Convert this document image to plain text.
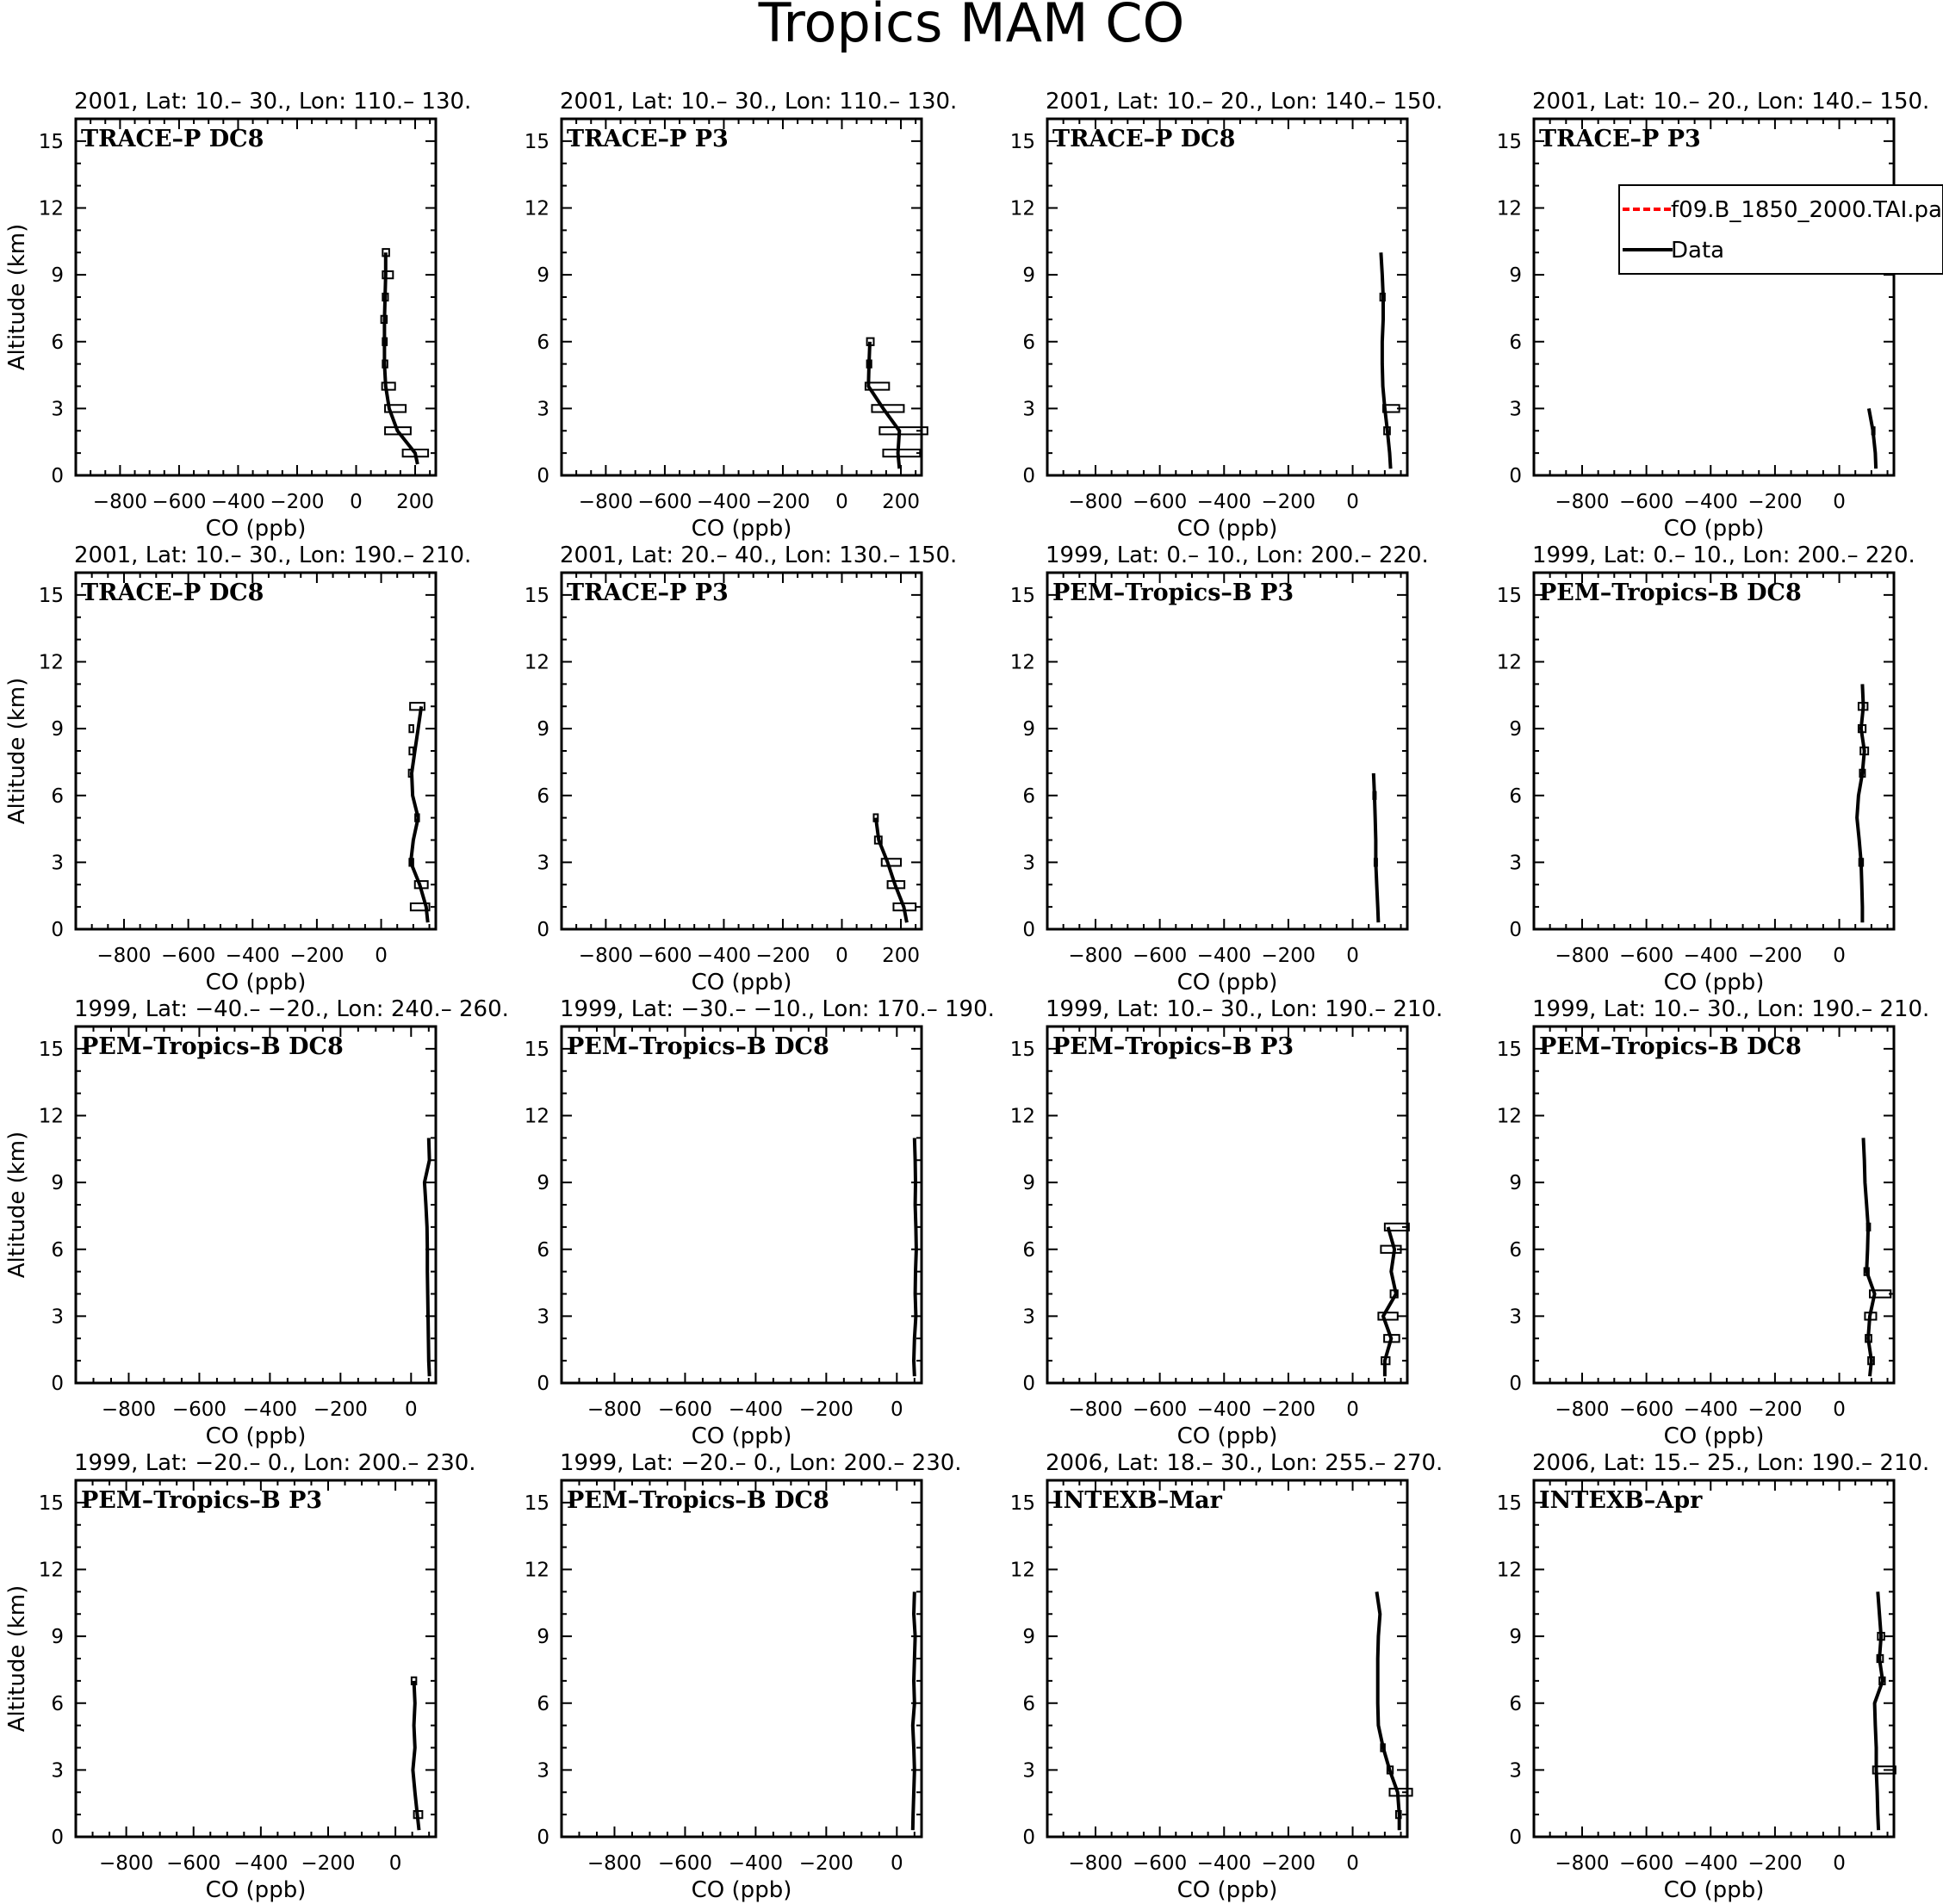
Tropics MAM CO
2001, Lat: 10.– 30., Lon: 110.– 130.
−800 −600 −400 −200 0 200
0
3
6
9
12
15
CO (ppb)
Altitude (km)
TRACE–P DC8
2001, Lat: 10.– 30., Lon: 110.– 130.
−800 −600 −400 −200 0 200
0
3
6
9
12
15
CO (ppb)
TRACE–P P3
2001, Lat: 10.– 20., Lon: 140.– 150.
−800 −600 −400 −200 0
0
3
6
9
12
15
CO (ppb)
TRACE–P DC8
2001, Lat: 10.– 20., Lon: 140.– 150.
−800 −600 −400 −200 0
0
3
6
9
12
15
CO (ppb)
TRACE–P P3
2001, Lat: 10.– 30., Lon: 190.– 210.
−800 −600 −400 −200 0
0
3
6
9
12
15
CO (ppb)
Altitude (km)
TRACE–P DC8
2001, Lat: 20.– 40., Lon: 130.– 150.
−800 −600 −400 −200 0 200
0
3
6
9
12
15
CO (ppb)
TRACE–P P3
1999, Lat: 0.– 10., Lon: 200.– 220.
−800 −600 −400 −200 0
0
3
6
9
12
15
CO (ppb)
PEM–Tropics–B P3
1999, Lat: 0.– 10., Lon: 200.– 220.
−800 −600 −400 −200 0
0
3
6
9
12
15
CO (ppb)
PEM–Tropics–B DC8
1999, Lat: −40.– −20., Lon: 240.– 260.
−800 −600 −400 −200 0
0
3
6
9
12
15
CO (ppb)
Altitude (km)
PEM–Tropics–B DC8
1999, Lat: −30.– −10., Lon: 170.– 190.
−800 −600 −400 −200 0
0
3
6
9
12
15
CO (ppb)
PEM–Tropics–B DC8
1999, Lat: 10.– 30., Lon: 190.– 210.
−800 −600 −400 −200 0
0
3
6
9
12
15
CO (ppb)
PEM–Tropics–B P3
1999, Lat: 10.– 30., Lon: 190.– 210.
−800 −600 −400 −200 0
0
3
6
9
12
15
CO (ppb)
PEM–Tropics–B DC8
1999, Lat: −20.– 0., Lon: 200.– 230.
−800 −600 −400 −200 0
0
3
6
9
12
15
CO (ppb)
Altitude (km)
PEM–Tropics–B P3
1999, Lat: −20.– 0., Lon: 200.– 230.
−800 −600 −400 −200 0
0
3
6
9
12
15
CO (ppb)
PEM–Tropics–B DC8
2006, Lat: 18.– 30., Lon: 255.– 270.
−800 −600 −400 −200 0
0
3
6
9
12
15
CO (ppb)
INTEXB–Mar
2006, Lat: 15.– 25., Lon: 190.– 210.
−800 −600 −400 −200 0
0
3
6
9
12
15
CO (ppb)
INTEXB–Apr
f09.B_1850_2000.TAI.pa
Data
